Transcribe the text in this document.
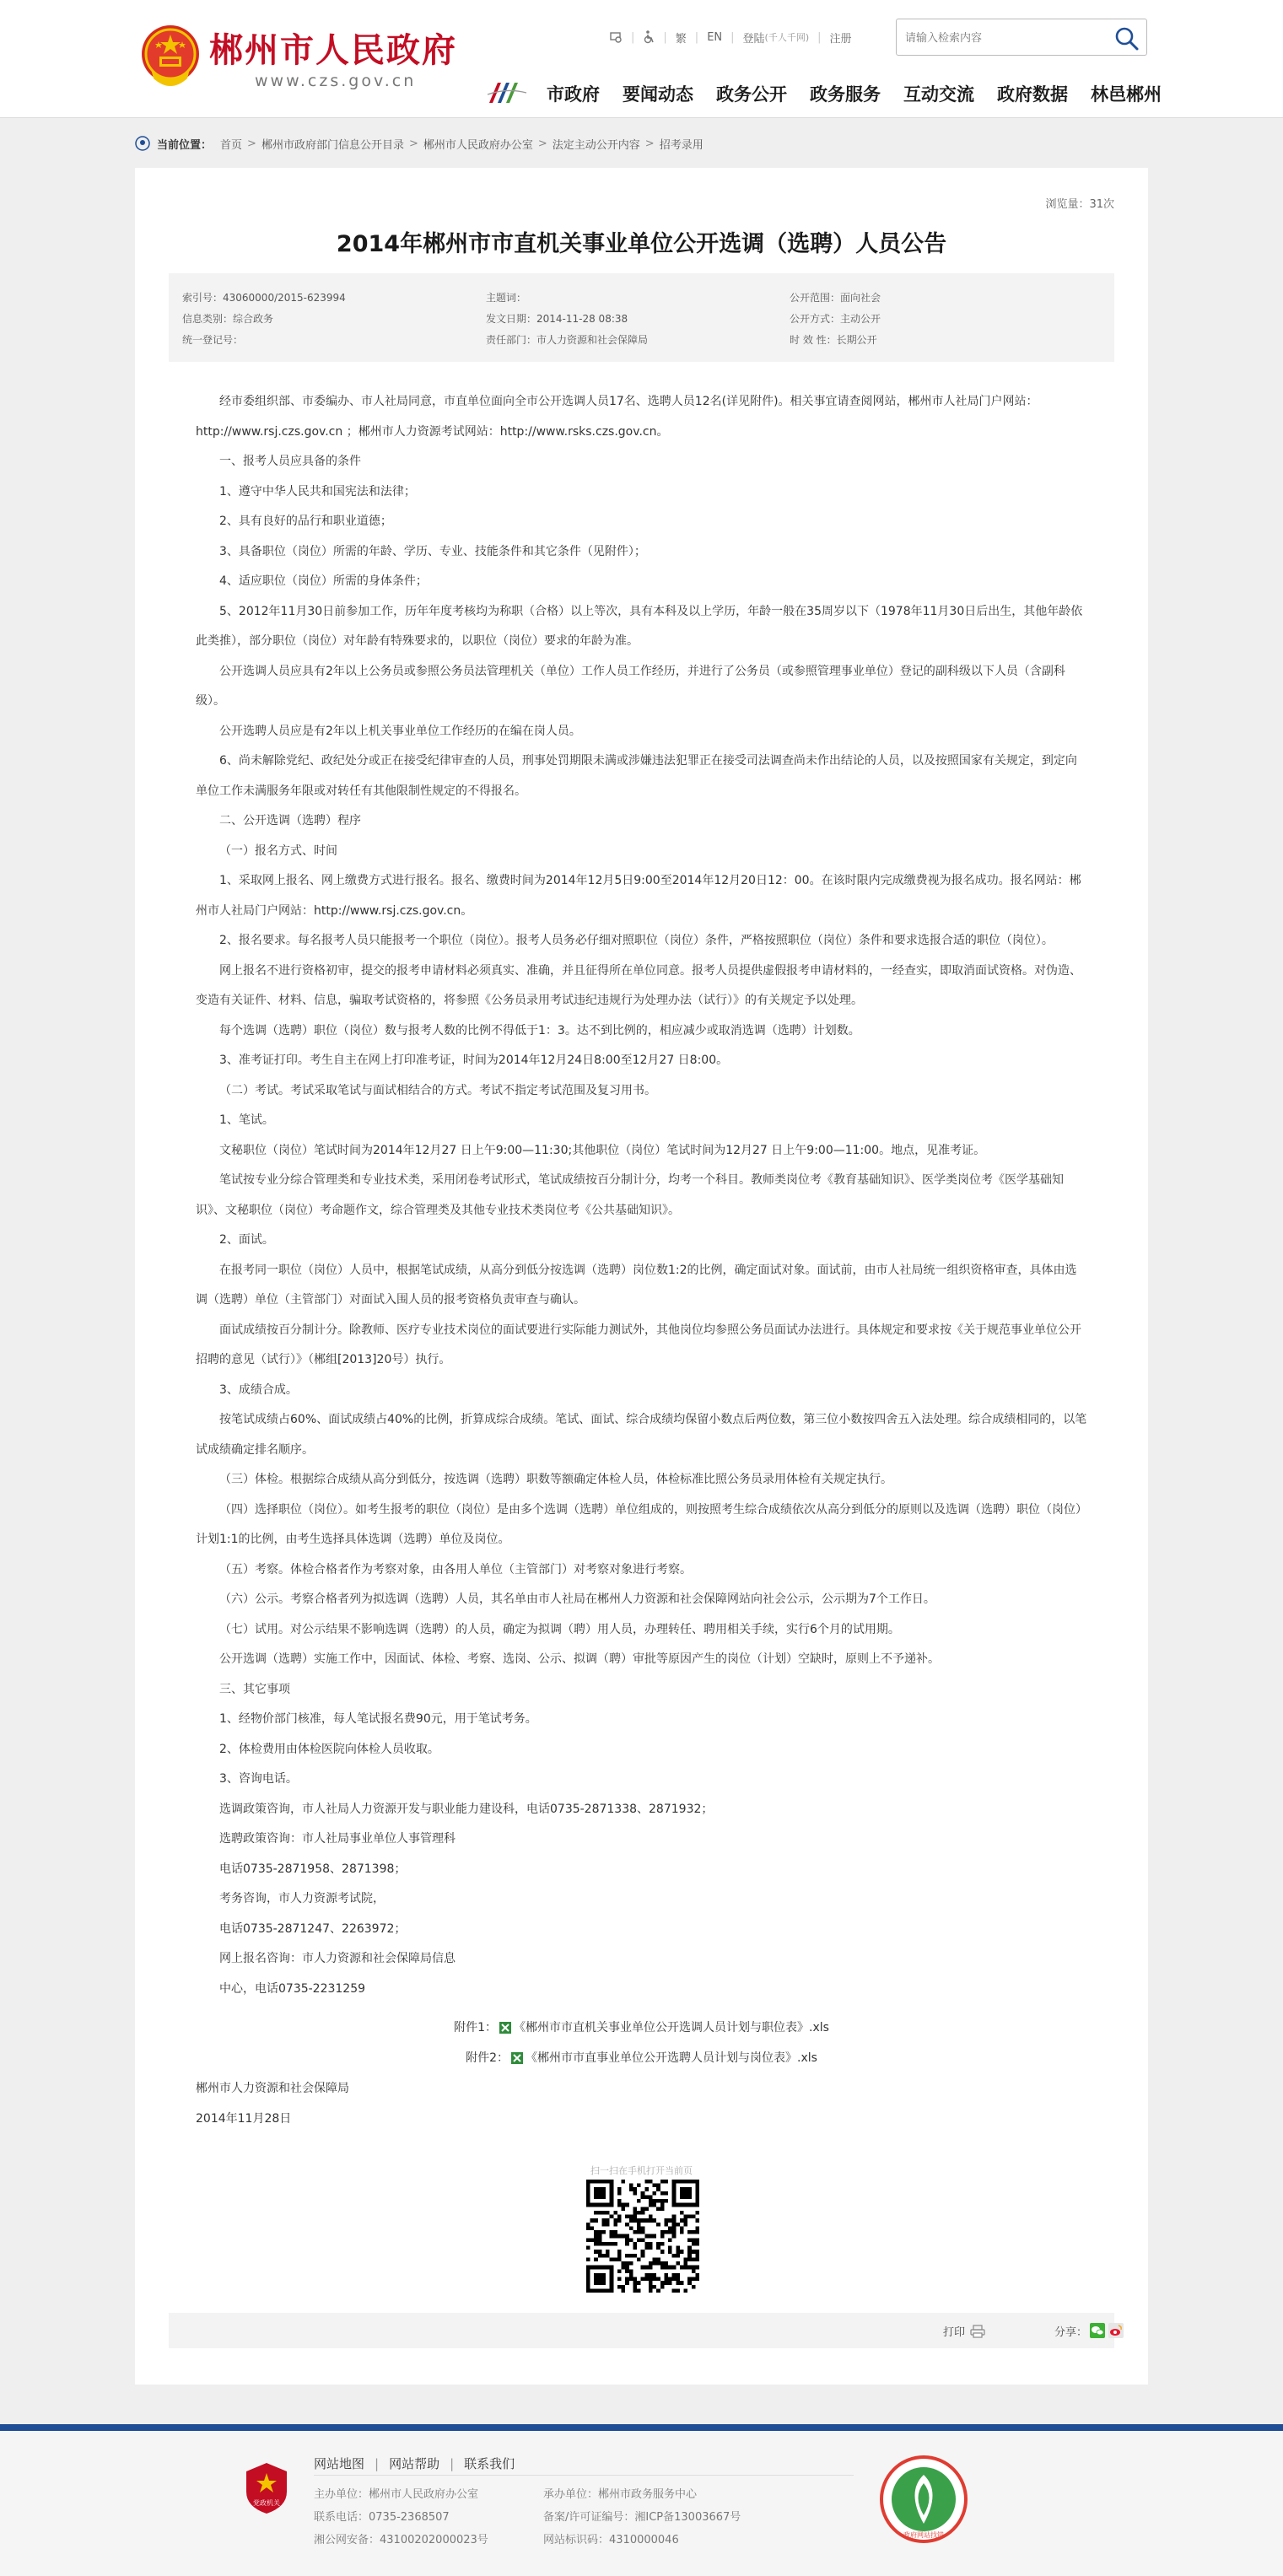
郴州市人民政府
www.czs.gov.cn
|	| 繁 | EN | 登陆 (千人千网) | 注册
请输入检索内容
市政府 要闻动态 政务公开 政务服务 互动交流 政府数据 林邑郴州
当前位置： 首页 > 郴州市政府部门信息公开目录 > 郴州市人民政府办公室 > 法定主动公开内容 > 招考录用
浏览量：31次
2014年郴州市市直机关事业单位公开选调（选聘）人员公告
索引号：43060000/2015-623994	主题词：	公开范围：面向社会
信息类别：综合政务	发文日期：2014-11-28 08:38	公开方式：主动公开
统一登记号：	责任部门：市人力资源和社会保障局	时 效 性：长期公开

经市委组织部、市委编办、市人社局同意，市直单位面向全市公开选调人员17名、选聘人员12名(详见附件)。相关事宜请查阅网站，郴州市人社局门户网站：http://www.rsj.czs.gov.cn ；郴州市人力资源考试网站：http://www.rsks.czs.gov.cn。

一、报考人员应具备的条件

1、遵守中华人民共和国宪法和法律；

2、具有良好的品行和职业道德；

3、具备职位（岗位）所需的年龄、学历、专业、技能条件和其它条件（见附件）；

4、适应职位（岗位）所需的身体条件；

5、2012年11月30日前参加工作，历年年度考核均为称职（合格）以上等次，具有本科及以上学历，年龄一般在35周岁以下（1978年11月30日后出生，其他年龄依此类推），部分职位（岗位）对年龄有特殊要求的，以职位（岗位）要求的年龄为准。

公开选调人员应具有2年以上公务员或参照公务员法管理机关（单位）工作人员工作经历，并进行了公务员（或参照管理事业单位）登记的副科级以下人员（含副科级）。

公开选聘人员应是有2年以上机关事业单位工作经历的在编在岗人员。

6、尚未解除党纪、政纪处分或正在接受纪律审查的人员，刑事处罚期限未满或涉嫌违法犯罪正在接受司法调查尚未作出结论的人员，以及按照国家有关规定，到定向单位工作未满服务年限或对转任有其他限制性规定的不得报名。

二、公开选调（选聘）程序

（一）报名方式、时间

1、采取网上报名、网上缴费方式进行报名。报名、缴费时间为2014年12月5日9:00至2014年12月20日12：00。在该时限内完成缴费视为报名成功。报名网站：郴州市人社局门户网站：http://www.rsj.czs.gov.cn。

2、报名要求。每名报考人员只能报考一个职位（岗位）。报考人员务必仔细对照职位（岗位）条件，严格按照职位（岗位）条件和要求选报合适的职位（岗位）。

网上报名不进行资格初审，提交的报考申请材料必须真实、准确，并且征得所在单位同意。报考人员提供虚假报考申请材料的，一经查实，即取消面试资格。对伪造、变造有关证件、材料、信息，骗取考试资格的，将参照《公务员录用考试违纪违规行为处理办法（试行）》的有关规定予以处理。

每个选调（选聘）职位（岗位）数与报考人数的比例不得低于1：3。达不到比例的，相应减少或取消选调（选聘）计划数。

3、准考证打印。考生自主在网上打印准考证，时间为2014年12月24日8:00至12月27 日8:00。

（二）考试。考试采取笔试与面试相结合的方式。考试不指定考试范围及复习用书。

1、笔试。

文秘职位（岗位）笔试时间为2014年12月27 日上午9:00—11:30;其他职位（岗位）笔试时间为12月27 日上午9:00—11:00。地点，见准考证。

笔试按专业分综合管理类和专业技术类，采用闭卷考试形式，笔试成绩按百分制计分，均考一个科目。教师类岗位考《教育基础知识》、医学类岗位考《医学基础知识》、文秘职位（岗位）考命题作文，综合管理类及其他专业技术类岗位考《公共基础知识》。

2、面试。

在报考同一职位（岗位）人员中，根据笔试成绩，从高分到低分按选调（选聘）岗位数1:2的比例，确定面试对象。面试前，由市人社局统一组织资格审查，具体由选调（选聘）单位（主管部门）对面试入围人员的报考资格负责审查与确认。

面试成绩按百分制计分。除教师、医疗专业技术岗位的面试要进行实际能力测试外，其他岗位均参照公务员面试办法进行。具体规定和要求按《关于规范事业单位公开招聘的意见（试行）》（郴组[2013]20号）执行。

3、成绩合成。

按笔试成绩占60%、面试成绩占40%的比例，折算成综合成绩。笔试、面试、综合成绩均保留小数点后两位数，第三位小数按四舍五入法处理。综合成绩相同的，以笔试成绩确定排名顺序。

（三）体检。根据综合成绩从高分到低分，按选调（选聘）职数等额确定体检人员，体检标准比照公务员录用体检有关规定执行。

（四）选择职位（岗位）。如考生报考的职位（岗位）是由多个选调（选聘）单位组成的，则按照考生综合成绩依次从高分到低分的原则以及选调（选聘）职位（岗位）计划1:1的比例，由考生选择具体选调（选聘）单位及岗位。

（五）考察。体检合格者作为考察对象，由各用人单位（主管部门）对考察对象进行考察。

（六）公示。考察合格者列为拟选调（选聘）人员，其名单由市人社局在郴州人力资源和社会保障网站向社会公示，公示期为7个工作日。

（七）试用。对公示结果不影响选调（选聘）的人员，确定为拟调（聘）用人员，办理转任、聘用相关手续，实行6个月的试用期。

公开选调（选聘）实施工作中，因面试、体检、考察、选岗、公示、拟调（聘）审批等原因产生的岗位（计划）空缺时，原则上不予递补。

三、其它事项

1、经物价部门核准，每人笔试报名费90元，用于笔试考务。

2、体检费用由体检医院向体检人员收取。

3、咨询电话。

选调政策咨询，市人社局人力资源开发与职业能力建设科，电话0735-2871338、2871932；

选聘政策咨询：市人社局事业单位人事管理科

电话0735-2871958、2871398；

考务咨询，市人力资源考试院，

电话0735-2871247、2263972；

网上报名咨询：市人力资源和社会保障局信息

中心，电话0735-2231259

附件1： 《郴州市市直机关事业单位公开选调人员计划与职位表》.xls
附件2： 《郴州市市直事业单位公开选聘人员计划与岗位表》.xls
郴州市人力资源和社会保障局
2014年11月28日
扫一扫在手机打开当前页
打印	分享：
党政机关
网站地图 | 网站帮助 | 联系我们
主办单位：郴州市人民政府办公室	承办单位：郴州市政务服务中心
联系电话：0735-2368507	备案/许可证编号：湘ICP备13003667号
湘公网安备：43100202000023号	网站标识码：4310000046	政府网站找错
